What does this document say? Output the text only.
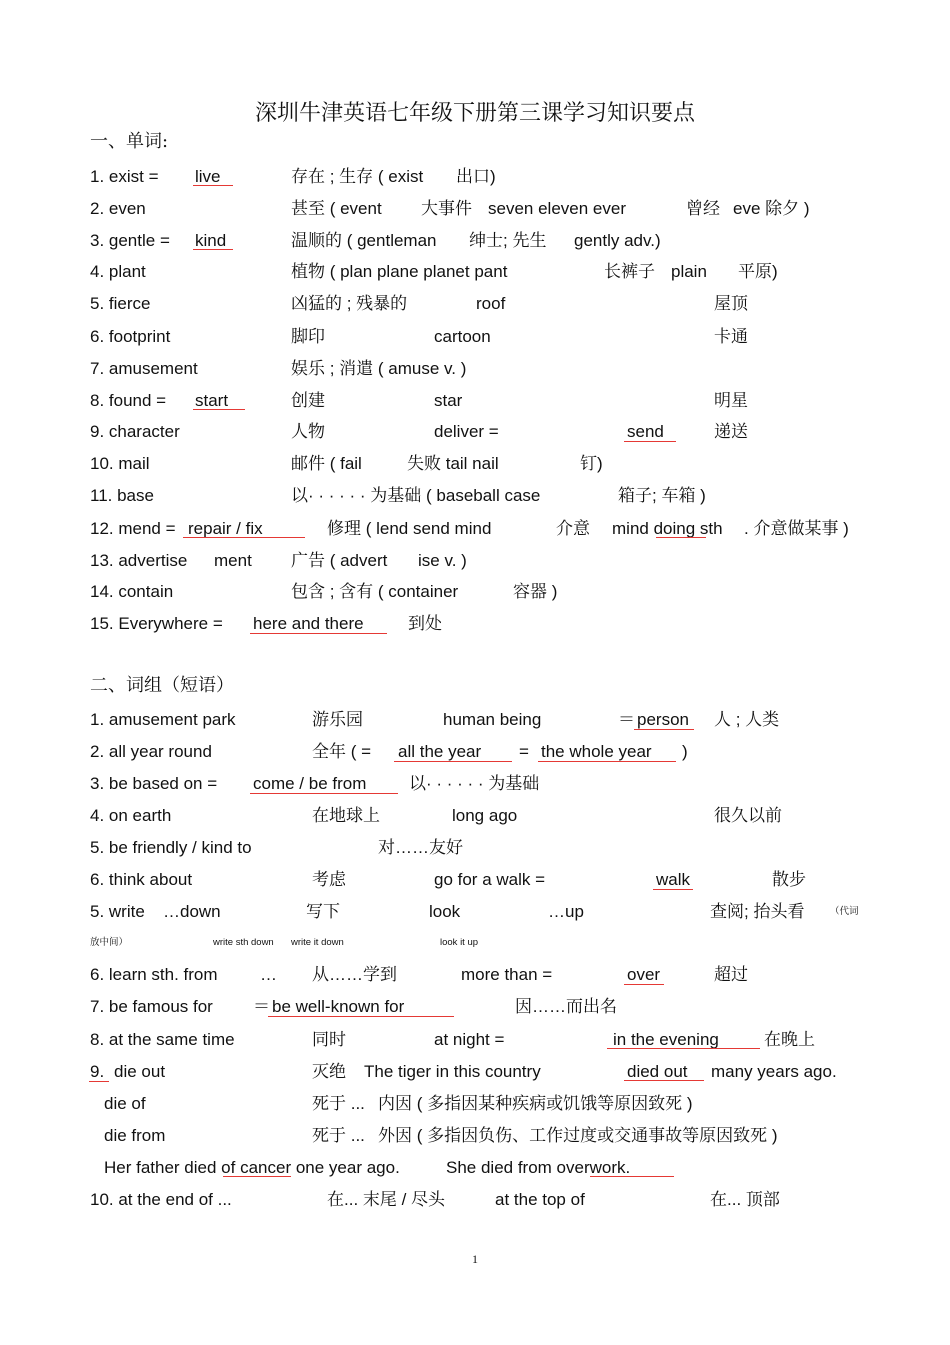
深圳牛津英语七年级下册第三课学习知识要点
一、单词:
1. exist = live	存在 ; 生存 ( exist 出口)
2. even	甚至 ( event 大事件 seven eleven ever	曾经 eve 除夕 )
3. gentle = kind	温顺的 ( gentleman 绅士; 先生 gently adv.)
4. plant	植物 ( plan plane planet pant	长裤子 plain 平原)
5. fierce	凶猛的 ; 残暴的	roof	屋顶
6. footprint	脚印	cartoon	卡通
7. amusement	娱乐 ; 消遣 ( amuse v. )
8. found = start	创建	star	明星
9. character	人物	deliver =	send	递送
10. mail	邮件 ( fail	失败 tail nail	钉)
11. base	以· · · · · · 为基础 ( baseball case	箱子; 车箱 )
12. mend = repair / fix	修理 ( lend send mind	介意 mind doing sth . 介意做某事 )
13. advertise ment 广告 ( advert ise v. )
14. contain	包含 ; 含有 ( container	容器 )
15. Everywhere = here and there	到处
二、词组（短语）
1. amusement park	游乐园	human being	＝ person 人 ; 人类
2. all year round	全年 ( = all the year = the whole year )
3. be based on = come / be from	以· · · · · · 为基础
4. on earth	在地球上	long ago	很久以前
5. be friendly / kind to	对……友好
6. think about	考虑	go for a walk =	walk	散步
5. write …down	写下	look	…up	查阅; 抬头看	（代词
放中间）	write sth down write it down	look it up
6. learn sth. from … 从……学到	more than =	over	超过
7. be famous for ＝ be well-known for	因……而出名
8. at the same time	同时	at night =	in the evening	在晚上
9. die out	灭绝 The tiger in this country	died out many years ago.
die of	死于 ... 内因 ( 多指因某种疾病或饥饿等原因致死 )
die from	死于 ... 外因 ( 多指因负伤、工作过度或交通事故等原因致死 )
Her father died of cancer one year ago.	She died from overwork.
10. at the end of ...	在... 末尾 / 尽头	at the top of	在... 顶部
1
